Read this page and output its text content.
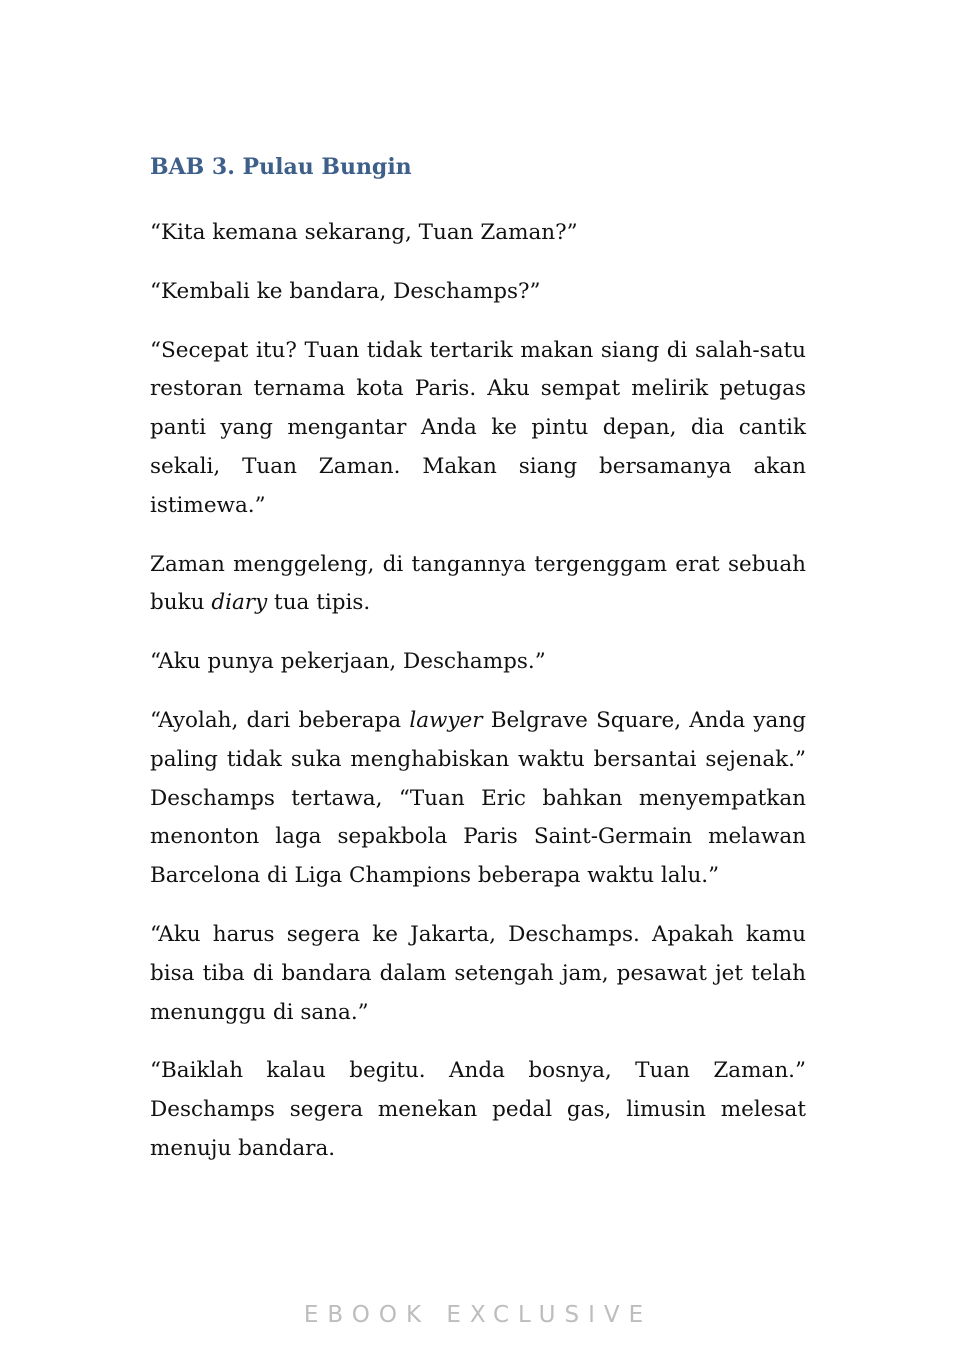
BAB 3. Pulau Bungin

“Kita kemana sekarang, Tuan Zaman?”

“Kembali ke bandara, Deschamps?”

“Secepat itu? Tuan tidak tertarik makan siang di salah-satu restoran ternama kota Paris. Aku sempat melirik petugas panti yang mengantar Anda ke pintu depan, dia cantik sekali, Tuan Zaman. Makan siang bersamanya akan istimewa.”

Zaman menggeleng, di tangannya tergenggam erat sebuah buku diary tua tipis.

“Aku punya pekerjaan, Deschamps.”

“Ayolah, dari beberapa lawyer Belgrave Square, Anda yang paling tidak suka menghabiskan waktu bersantai sejenak.” Deschamps tertawa, “Tuan Eric bahkan menyempatkan menonton laga sepakbola Paris Saint-Germain melawan Barcelona di Liga Champions beberapa waktu lalu.”

“Aku harus segera ke Jakarta, Deschamps. Apakah kamu bisa tiba di bandara dalam setengah jam, pesawat jet telah menunggu di sana.”

“Baiklah kalau begitu. Anda bosnya, Tuan Zaman.” Deschamps segera menekan pedal gas, limusin melesat menuju bandara.

EBOOK EXCLUSIVE
